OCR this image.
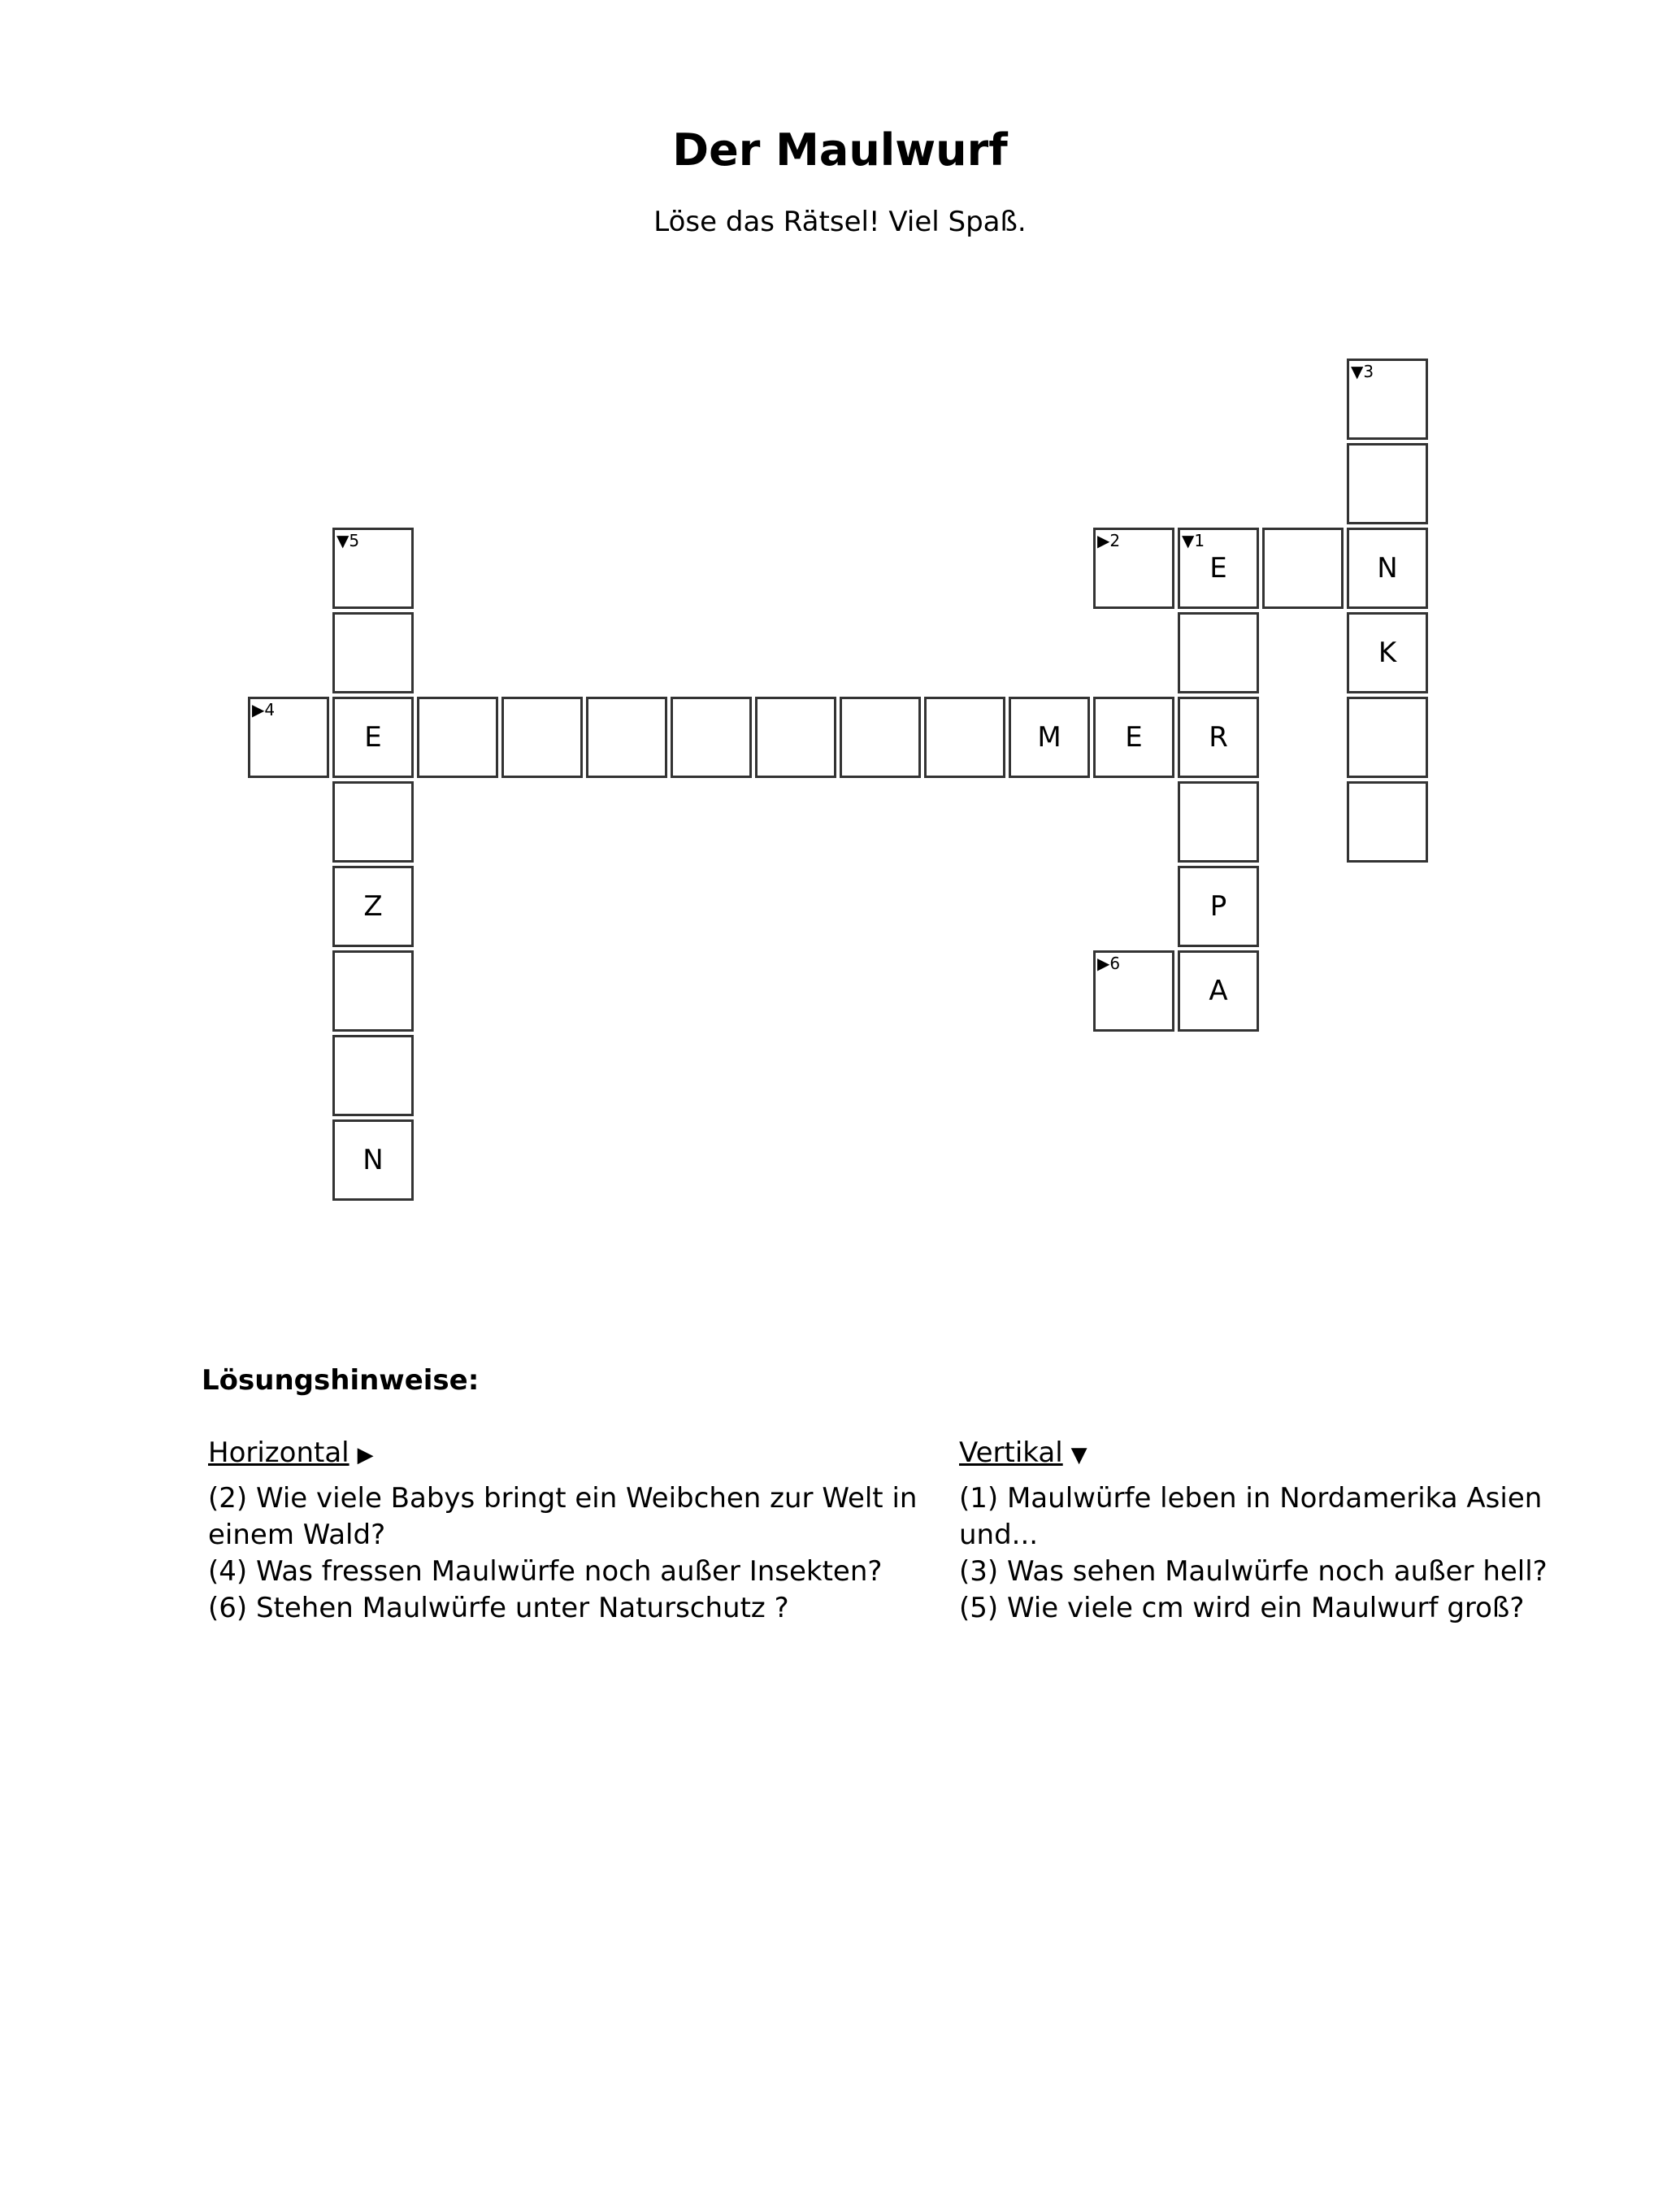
Der Maulwurf
Löse das Rätsel! Viel Spaß.
▼3
▼5	▶2	▼1
E	N
K
▶4
E	M	E	R
Z	P
▶6
A
N
Lösungshinweise:
Horizontal ▶

(2) Wie viele Babys bringt ein Weibchen zur Welt in einem Wald?

(4) Was fressen Maulwürfe noch außer Insekten?

(6) Stehen Maulwürfe unter Naturschutz ?

Vertikal ▼

(1) Maulwürfe leben in Nordamerika Asien und...

(3) Was sehen Maulwürfe noch außer hell?

(5) Wie viele cm wird ein Maulwurf groß?
